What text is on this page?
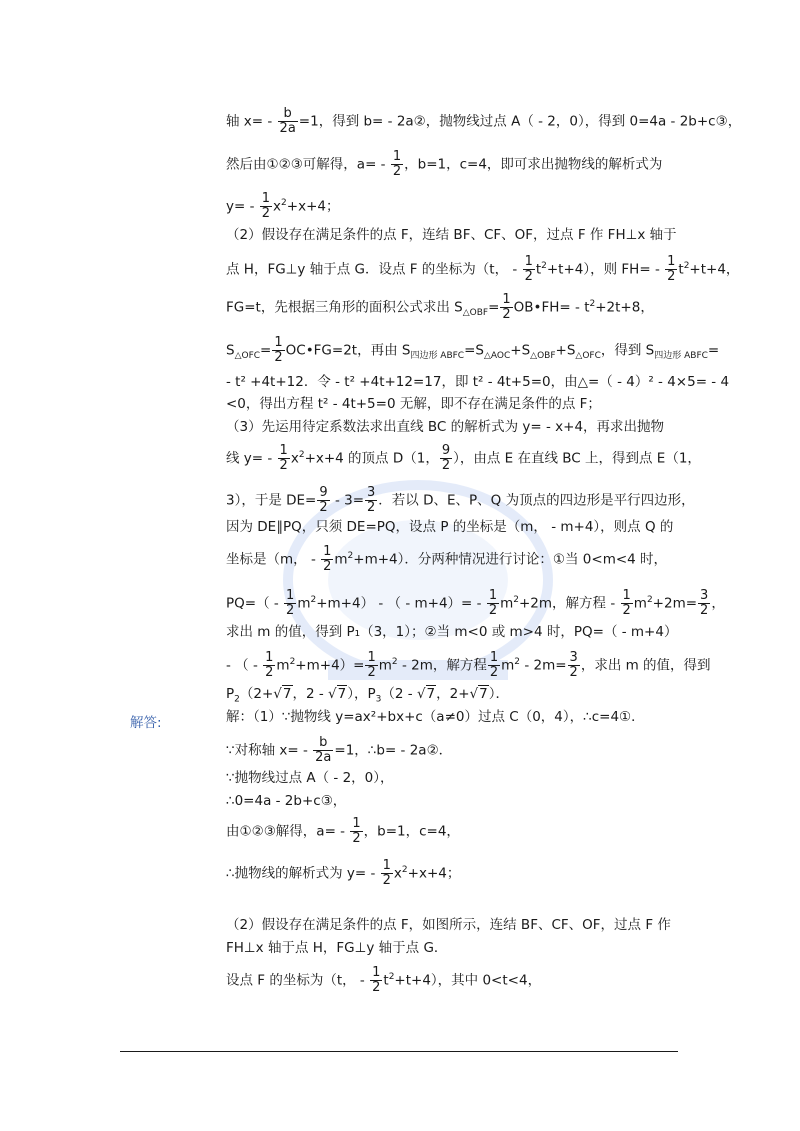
轴 $x= - \frac{b}{2a} =1$，得到 b= - 2a②，抛物线过点 A（ - 2，0），得到 0=4a - 2b+c③，
然后由①②③可解得，$a= - \frac{1}{2}$ ，b=1，c=4，即可求出抛物线的解析式为
$y= - \frac{1}{2} x^2+x+4$；
（2）假设存在满足条件的点 F，连结 BF、CF、OF，过点 F 作 FH⊥x 轴于
点 H，FG⊥y 轴于点 G．设点 F 的坐标为（t， - $\frac{1}{2} t^2+t+4$），则 $FH= - \frac{1}{2} t^2+t+4$，
FG=t，先根据三角形的面积公式求出 $S_{\triangle OBF}= \frac{1}{2}$ OB•FH= - $t^2+2t+8$，
$S_{\triangle OFC}= \frac{1}{2}$ OC•FG=2t，再由 $S_{四边形 ABFC}=S_{\triangle AOC}+S_{\triangle OBF}+S_{\triangle OFC}$，得到 $S_{四边形 ABFC}=$
- t² +4t+12．令 - t² +4t+12=17，即 t² - 4t+5=0，由△=（ - 4）² - 4×5= - 4
<0，得出方程 t² - 4t+5=0 无解，即不存在满足条件的点 F；
（3）先运用待定系数法求出直线 BC 的解析式为 y= - x+4，再求出抛物
线 $y= - \frac{1}{2} x^2+x+4$ 的顶点 D（1， $\frac{9}{2}$ ），由点 E 在直线 BC 上，得到点 E（1，
3），于是 $DE= \frac{9}{2} - 3= \frac{3}{2}$ ．若以 D、E、P、Q 为顶点的四边形是平行四边形，
因为 DE∥PQ，只须 DE=PQ，设点 P 的坐标是（m， - m+4），则点 Q 的
坐标是（m， - $\frac{1}{2} m^2+m+4$）．分两种情况进行讨论：①当 0<m<4 时，
$PQ=( - \frac{1}{2} m^2+m+4)$ - （ - $m+4)= - \frac{1}{2} m^2+2m$，解方程 - $\frac{1}{2} m^2+2m= \frac{3}{2}$ ，
求出 m 的值，得到 P₁（3，1）；②当 m<0 或 m>4 时，PQ=（ - m+4）
- （ - $\frac{1}{2} m^2+m+4)= \frac{1}{2} m^2 - 2m$，解方程 $\frac{1}{2} m^2 - 2m= \frac{3}{2}$ ，求出 m 的值，得到
$P_2(2+√7$，2 - √7），$P_3(2 - √7$，2+√7）．
解答:	解：（1）∵抛物线 y=ax²+bx+c（a≠0）过点 C（0，4），∴c=4①．
∵对称轴 $x= - \frac{b}{2a} =1$，∴b= - 2a②．
∵抛物线过点 A（ - 2，0），
∴0=4a - 2b+c③，
由①②③解得，$a= - \frac{1}{2}$ ，b=1，c=4，
∴抛物线的解析式为 $y= - \frac{1}{2} x^2+x+4$；
（2）假设存在满足条件的点 F，如图所示，连结 BF、CF、OF，过点 F 作
FH⊥x 轴于点 H，FG⊥y 轴于点 G．
设点 F 的坐标为（t， - $\frac{1}{2} t^2+t+4$），其中 0<t<4，
